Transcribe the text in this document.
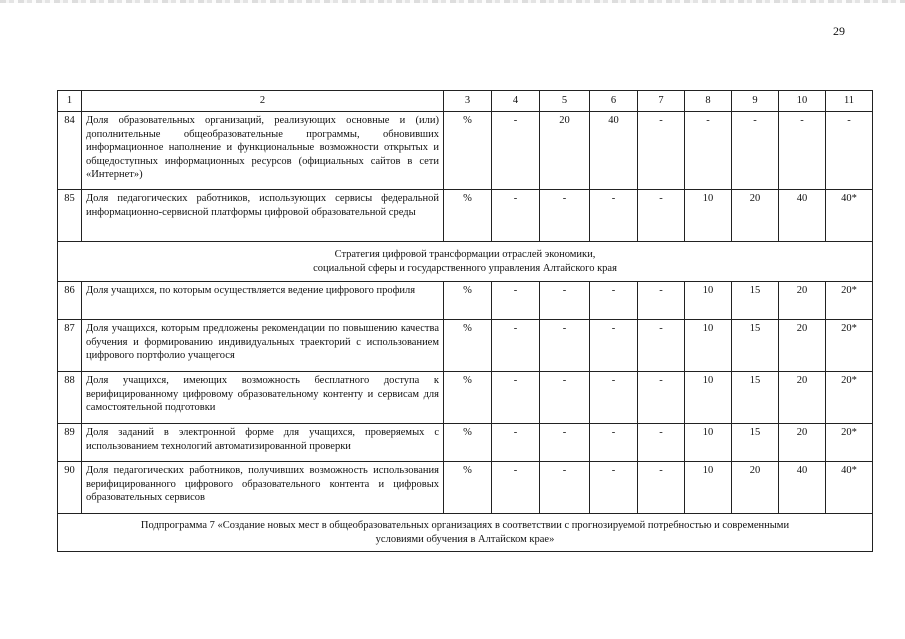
29
1	2	3	4	5	6	7	8	9	10	11
84	Доля образовательных организаций, реализующих основные и (или) дополнительные общеобразовательные программы, обновивших информационное наполнение и функциональные возможности открытых и общедоступных информационных ресурсов (официальных сайтов в сети «Интернет»)	%	-	20	40	-	-	-	-	-
85	Доля педагогических работников, использующих сервисы федеральной информационно-сервисной платформы цифровой образовательной среды	%	-	-	-	-	10	20	40	40*

Стратегия цифровой трансформации отраслей экономики,
социальной сферы и государственного управления Алтайского края										

86	Доля учащихся, по которым осуществляется ведение цифрового профиля	%	-	-	-	-	10	15	20	20*
87	Доля учащихся, которым предложены рекомендации по повышению качества обучения и формированию индивидуальных траекторий с использованием цифрового портфолио учащегося	%	-	-	-	-	10	15	20	20*
88	Доля учащихся, имеющих возможность бесплатного доступа к верифицированному цифровому образовательному контенту и сервисам для самостоятельной подготовки	%	-	-	-	-	10	15	20	20*
89	Доля заданий в электронной форме для учащихся, проверяемых с использованием технологий автоматизированной проверки	%	-	-	-	-	10	15	20	20*
90	Доля педагогических работников, получивших возможность использования верифицированного цифрового образовательного контента и цифровых образовательных сервисов	%	-	-	-	-	10	20	40	40*

Подпрограмма 7 «Создание новых мест в общеобразовательных организациях в соответствии с прогнозируемой потребностью и современными
условиями обучения в Алтайском крае»										
